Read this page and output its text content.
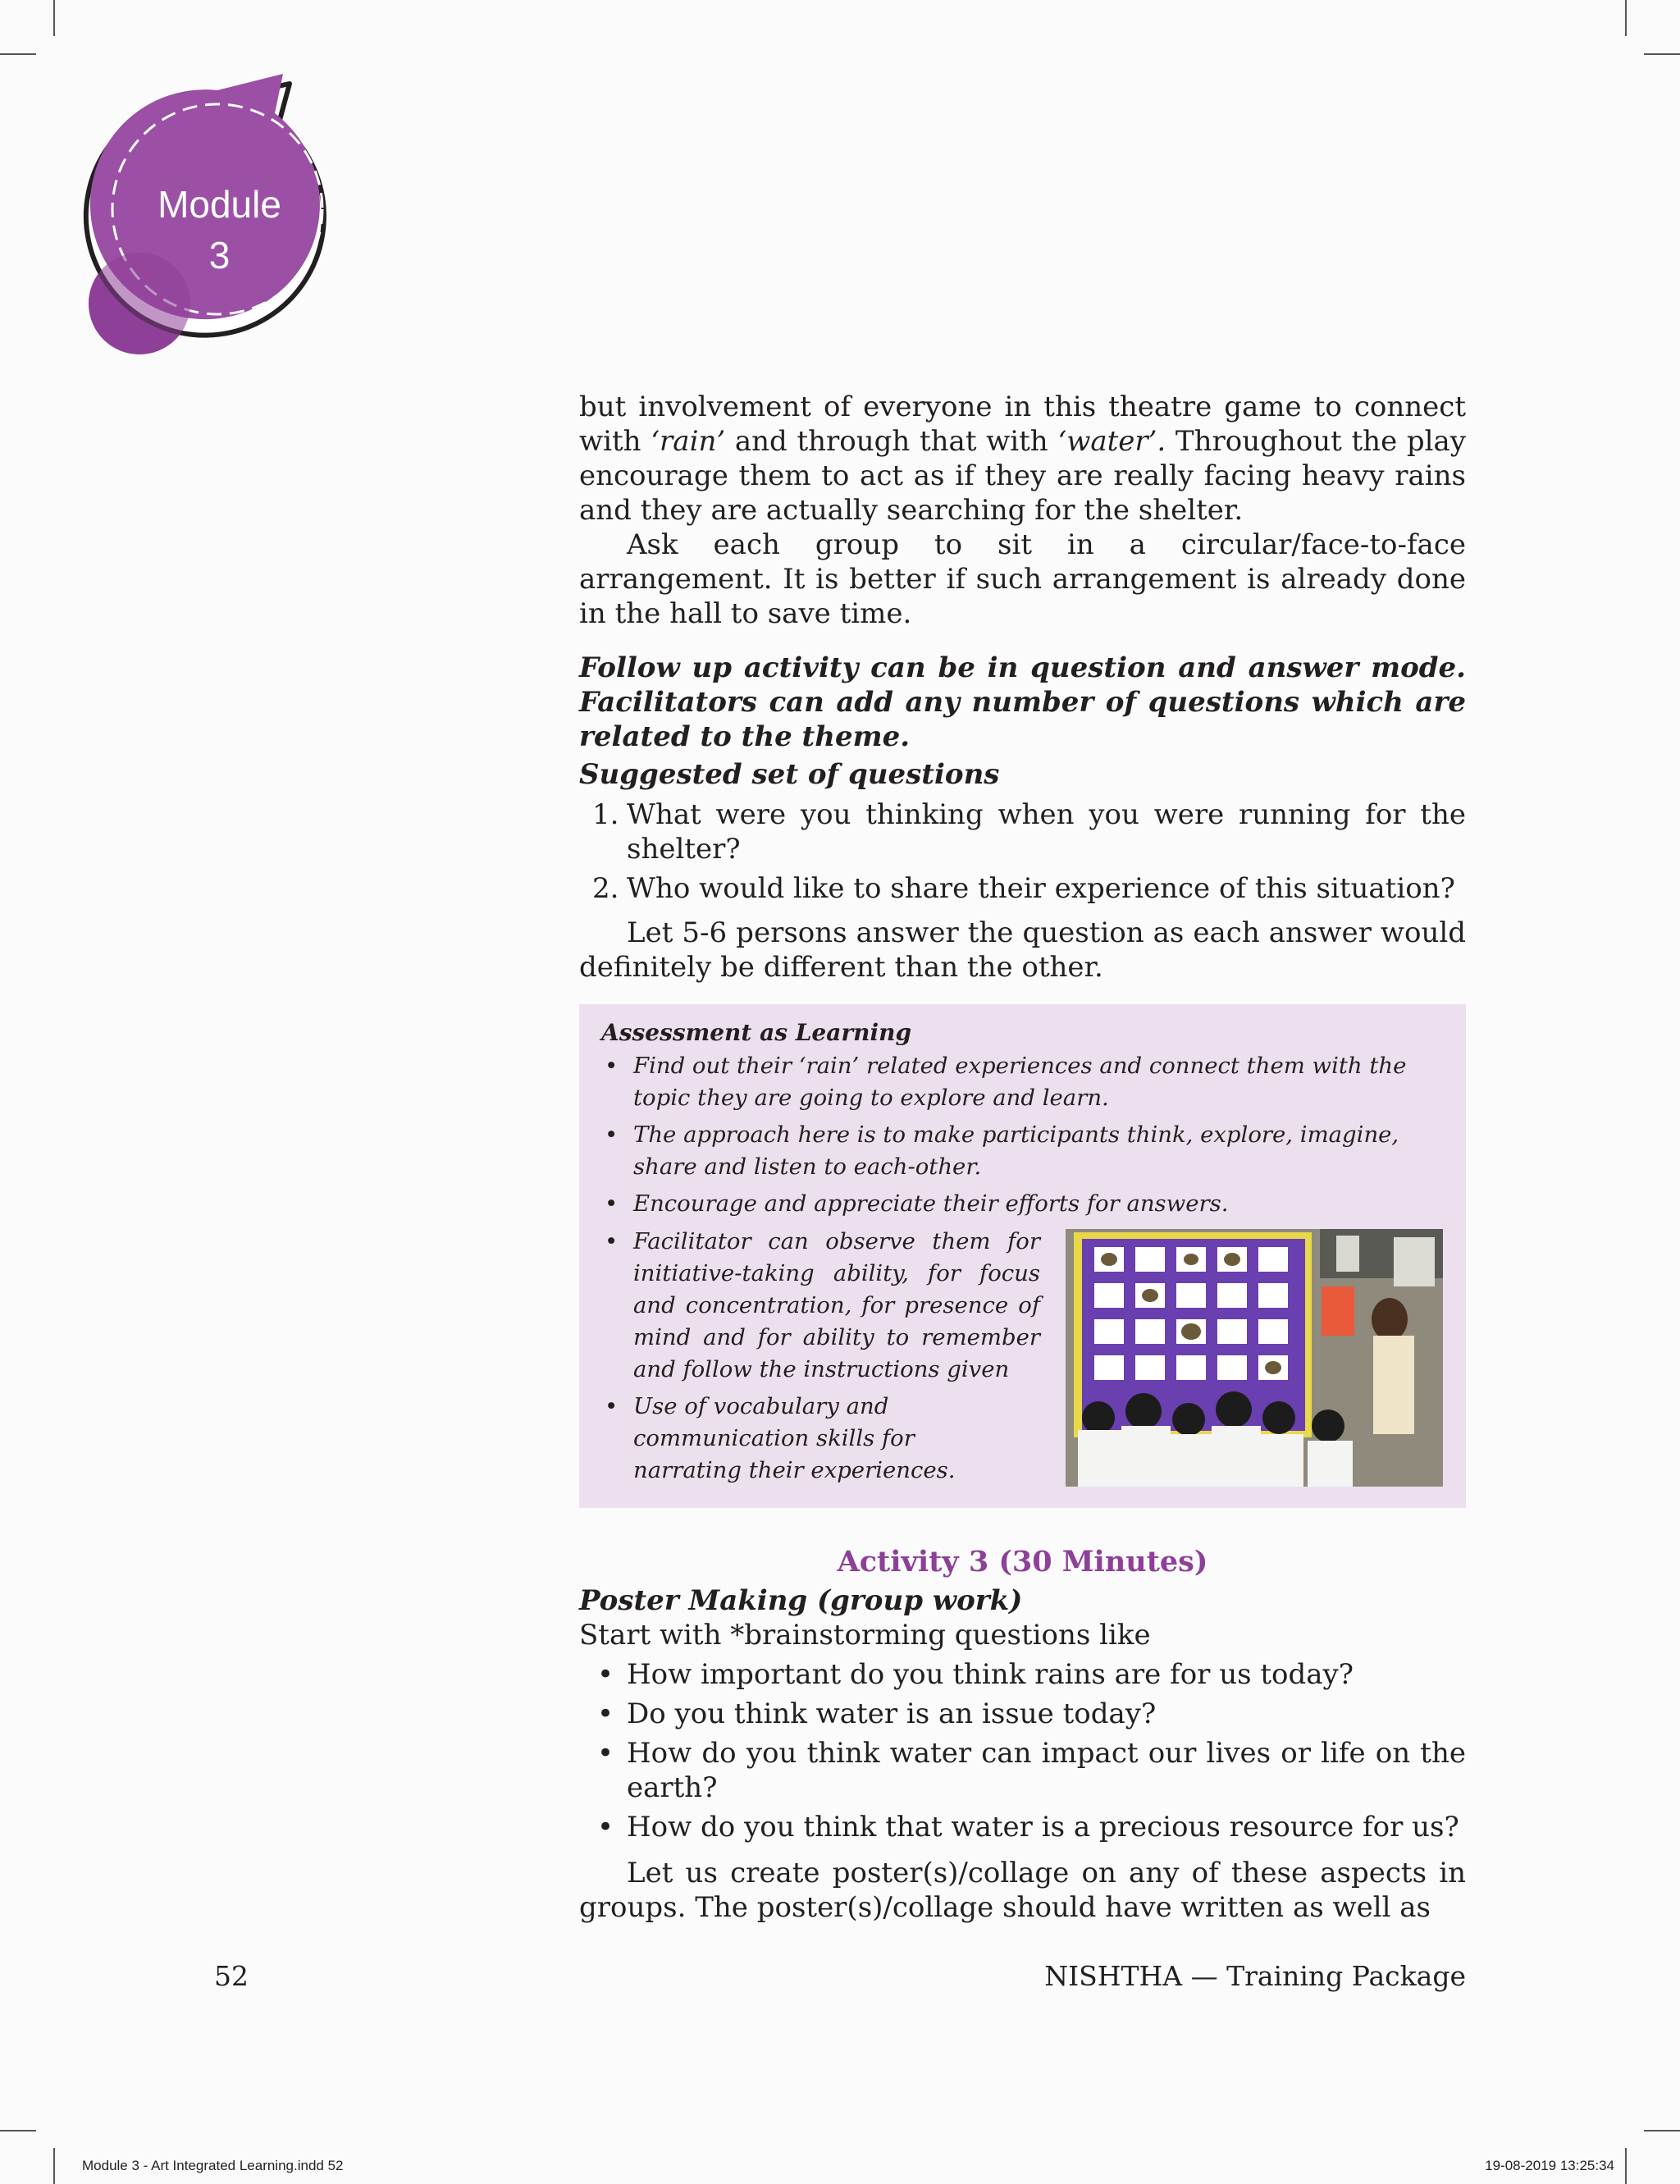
Module
3

but involvement of everyone in this theatre game to connect with ‘rain’ and through that with ‘water’. Throughout the play encourage them to act as if they are really facing heavy rains and they are actually searching for the shelter.

Ask each group to sit in a circular/face-to-face arrangement. It is better if such arrangement is already done in the hall to save time.

Follow up activity can be in question and answer mode. Facilitators can add any number of questions which are related to the theme.

Suggested set of questions
1. What were you thinking when you were running for the shelter?
2. Who would like to share their experience of this situation?

Let 5-6 persons answer the question as each answer would definitely be different than the other.

Assessment as Learning
• Find out their ‘rain’ related experiences and connect them with the topic they are going to explore and learn.
• The approach here is to make participants think, explore, imagine, share and listen to each-other.
• Encourage and appreciate their efforts for answers.
• Facilitator can observe them for initiative-taking ability, for focus and concentration, for presence of mind and for ability to remember and follow the instructions given
• Use of vocabulary and communication skills for narrating their experiences.
Activity 3 (30 Minutes)
Poster Making (group work)
Start with *brainstorming questions like
• How important do you think rains are for us today?
• Do you think water is an issue today?
• How do you think water can impact our lives or life on the earth?
• How do you think that water is a precious resource for us?

Let us create poster(s)/collage on any of these aspects in groups. The poster(s)/collage should have written as well as

52	NISHTHA — Training Package
Module 3 - Art Integrated Learning.indd 52	19-08-2019 13:25:34
